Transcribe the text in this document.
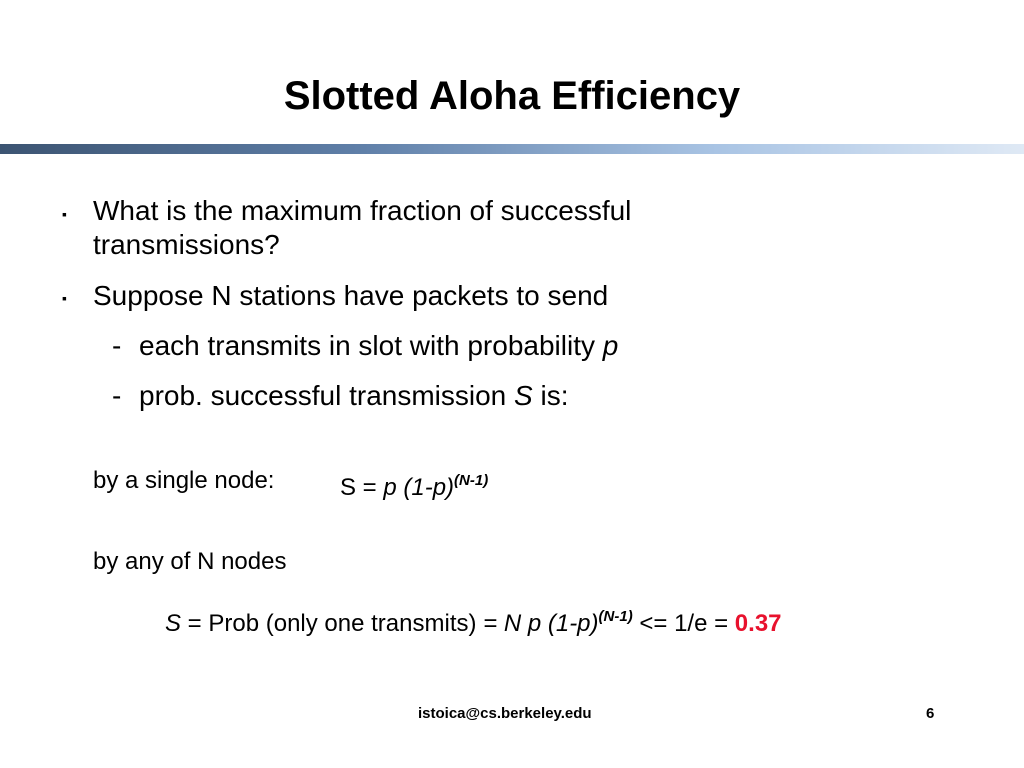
Slotted Aloha Efficiency
▪ What is the maximum fraction of successful
transmissions?
▪ Suppose N stations have packets to send
- each transmits in slot with probability p
- prob. successful transmission S is:
by a single node:	S = p $(1-p)^{(N-1)}$
by any of N nodes
S = Prob (only one transmits) = N p $(1-p)^{(N-1)} <= 1/e = 0.37$
istoica@cs.berkeley.edu	6
